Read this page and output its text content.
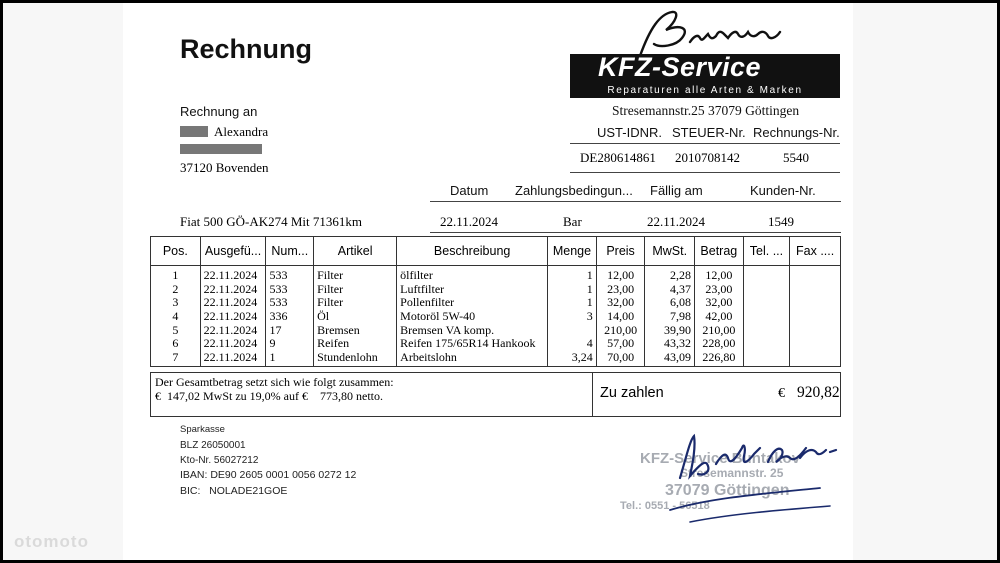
Rechnung
KFZ-Service
Reparaturen alle Arten & Marken
Stresemannstr.25 37079 Göttingen
UST-IDNR. STEUER-Nr. Rechnungs-Nr.
DE280614861 2010708142	5540
Rechnung an
Alexandra
37120 Bovenden
Datum Zahlungsbedingun... Fällig am	Kunden-Nr.
Fiat 500 GÖ-AK274 Mit 71361km	22.11.2024	Bar	22.11.2024	1549
Pos.	Ausgefü...	Num...	Artikel	Beschreibung	Menge	Preis	MwSt.	Betrag	Tel. ...	Fax ....
1	22.11.2024	533	Filter	ölfilter	1	12,00	2,28	12,00		
2	22.11.2024	533	Filter	Luftfilter	1	23,00	4,37	23,00		
3	22.11.2024	533	Filter	Pollenfilter	1	32,00	6,08	32,00		
4	22.11.2024	336	Öl	Motoröl 5W-40	3	14,00	7,98	42,00		
5	22.11.2024	17	Bremsen	Bremsen VA komp.		210,00	39,90	210,00		
6	22.11.2024	9	Reifen	Reifen 175/65R14 Hankook	4	57,00	43,32	228,00		
7	22.11.2024	1	Stundenlohn	Arbeitslohn	3,24	70,00	43,09	226,80		
Der Gesamtbetrag setzt sich wie folgt zusammen:
€  147,02 MwSt zu 19,0% auf €    773,80 netto.	Zu zahlen	€ 920,82
Sparkasse
BLZ 26050001
Kto-Nr. 56027212
IBAN: DE90 2605 0001 0056 0272 12
BIC:   NOLADE21GOE
KFZ-Service Buntakov
Stresemannstr. 25
37079 Göttingen
Tel.: 0551 - 56518
otomoto
